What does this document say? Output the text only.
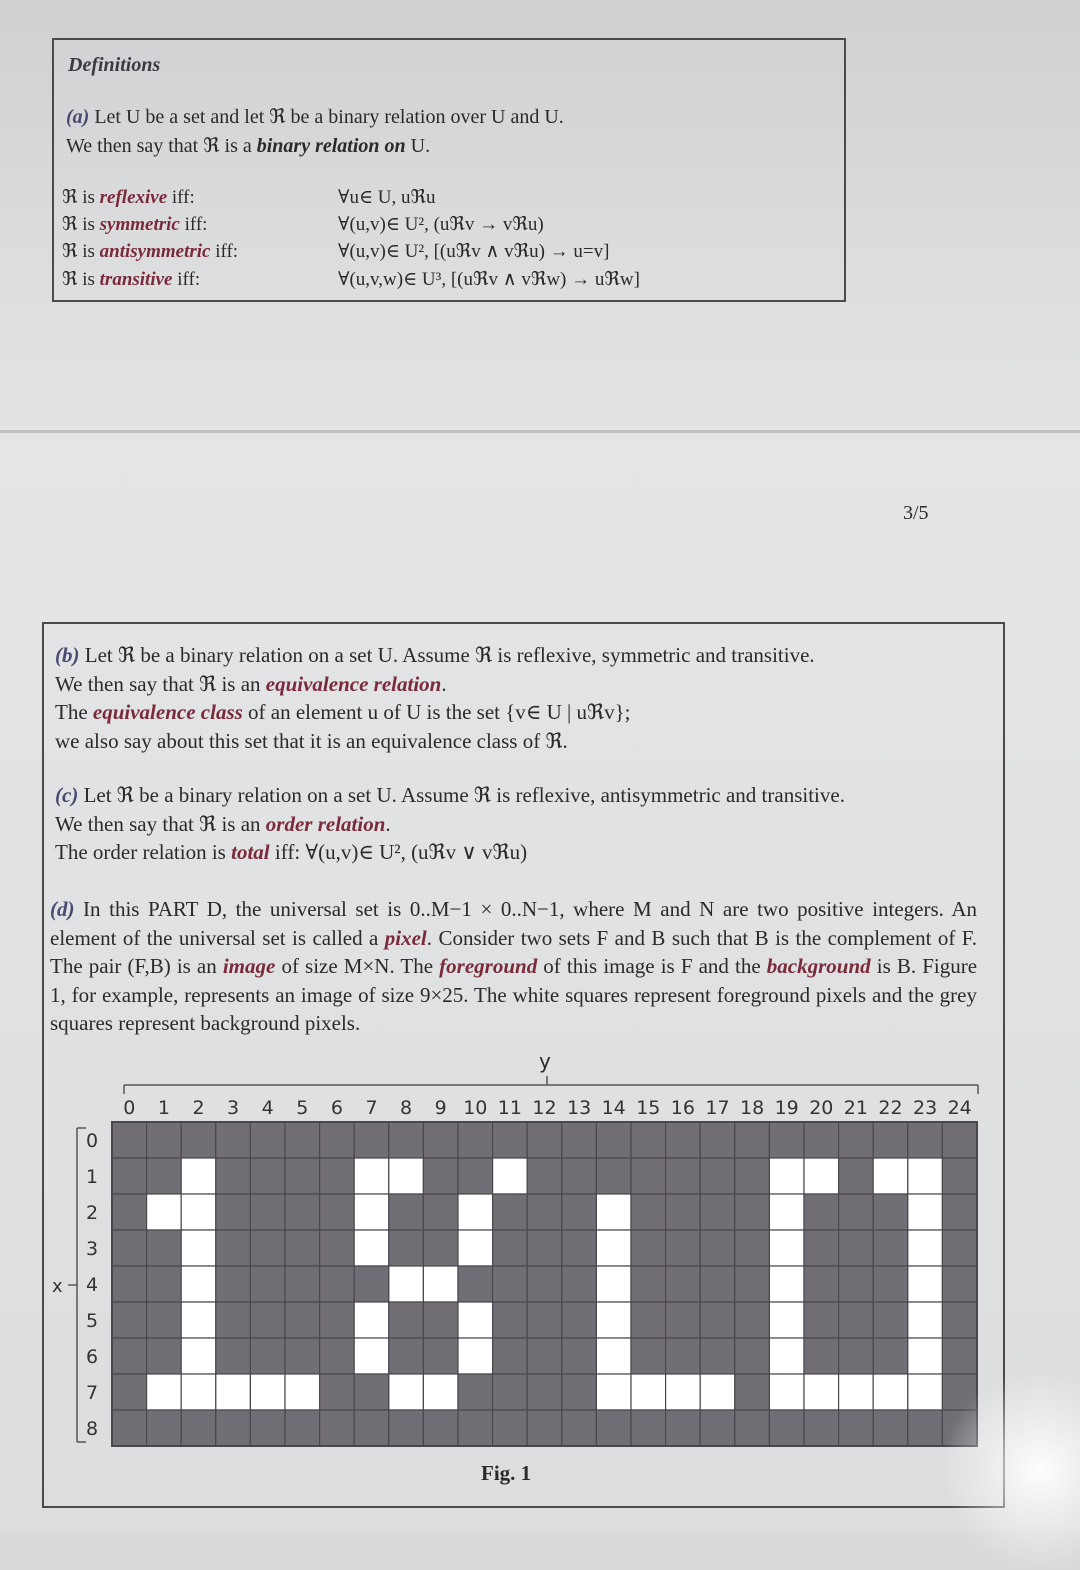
Definitions
(a) Let U be a set and let ℜ be a binary relation over U and U.
We then say that ℜ is a binary relation on U.
ℜ is reflexive iff:	∀u∈ U, uℜu
ℜ is symmetric iff:	∀(u,v)∈ U², (uℜv → vℜu)
ℜ is antisymmetric iff:	∀(u,v)∈ U², [(uℜv ∧ vℜu) → u=v]
ℜ is transitive iff:	∀(u,v,w)∈ U³, [(uℜv ∧ vℜw) → uℜw]
3/5
(b) Let ℜ be a binary relation on a set U. Assume ℜ is reflexive, symmetric and transitive.
We then say that ℜ is an equivalence relation.
The equivalence class of an element u of U is the set {v∈ U | uℜv};
we also say about this set that it is an equivalence class of ℜ.
(c) Let ℜ be a binary relation on a set U. Assume ℜ is reflexive, antisymmetric and transitive.
We then say that ℜ is an order relation.
The order relation is total iff: ∀(u,v)∈ U², (uℜv ∨ vℜu)
(d) In this PART D, the universal set is 0..M−1 × 0..N−1, where M and N are two positive integers. An element of the universal set is called a pixel. Consider two sets F and B such that B is the complement of F. The pair (F,B) is an image of size M×N. The foreground of this image is F and the background is B. Figure 1, for example, represents an image of size 9×25. The white squares represent foreground pixels and the grey squares represent background pixels.
y
x
0 1 2 3 4 5 6 7 8 9 10 11 12 13 14 15 16 17 18 19 20 21 22 23 24
0
1
2
3
4
5
6
7
8
Fig. 1
